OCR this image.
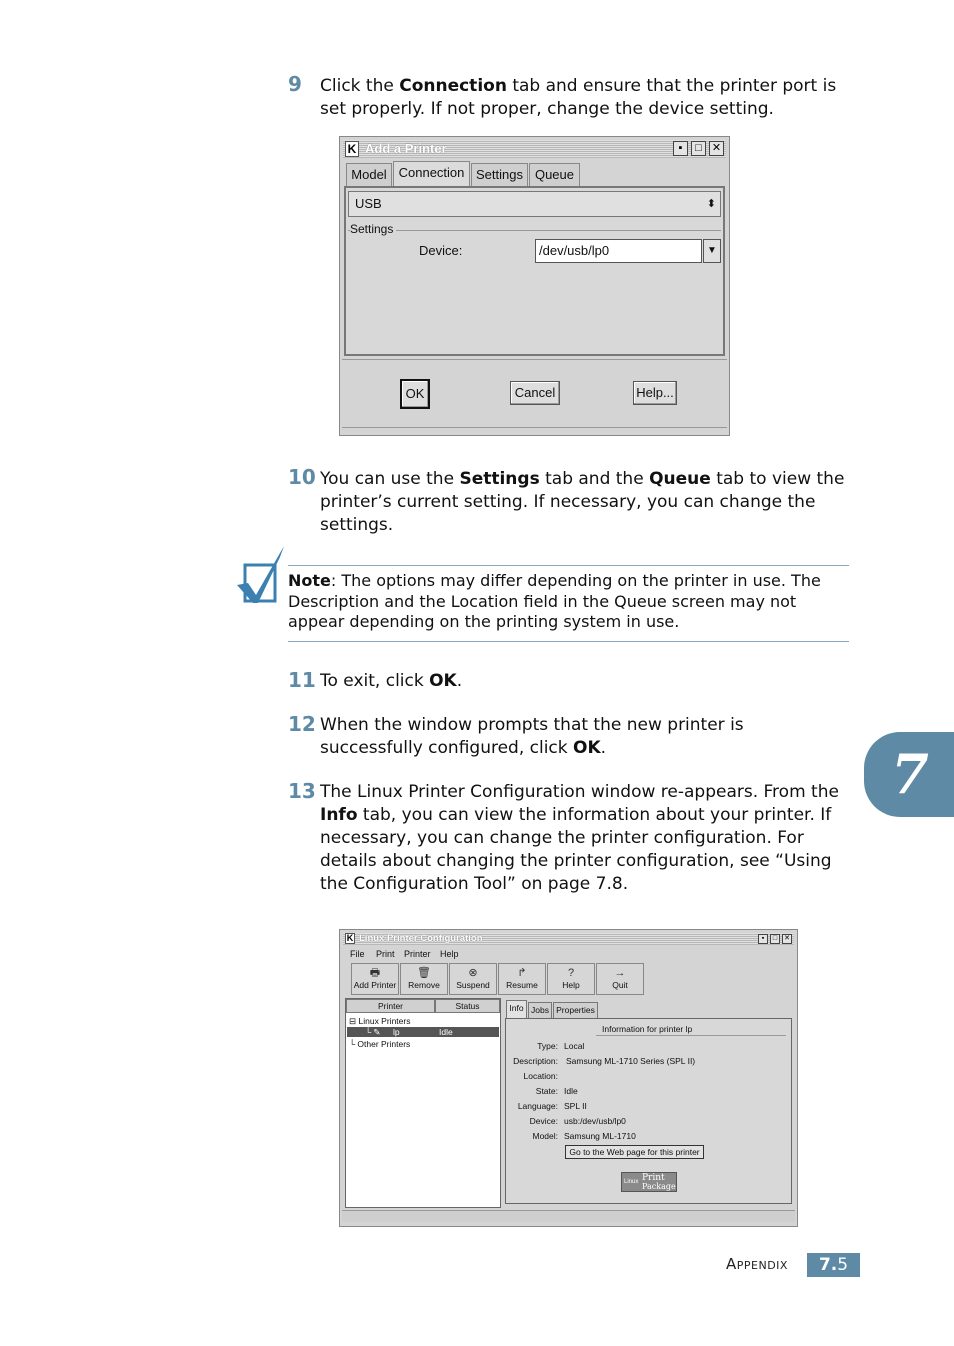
9 Click the Connection tab and ensure that the printer port is set properly. If not proper, change the device setting.
K Add a Printer	▪	□ ✕
Model Connection Settings Queue
USB	⬍
Settings
Device:	/dev/usb/lp0	▼
OK	Cancel	Help...
10 You can use the Settings tab and the Queue tab to view the printer’s current setting. If necessary, you can change the settings.
Note: The options may differ depending on the printer in use. The Description and the Location field in the Queue screen may not appear depending on the printing system in use.
11 To exit, click OK.
12 When the window prompts that the new printer is successfully configured, click OK.	7
13 The Linux Printer Configuration window re-appears. From the Info tab, you can view the information about your printer. If necessary, you can change the printer configuration. For details about changing the printer configuration, see “Using the Configuration Tool” on page 7.8.
K Linux Printer Configuration	▪	□ ✕
File Print Printer Help
🖶
Add Printer
🗑
Remove
⊗
Suspend
↱
Resume
?
Help
→
Quit
Printer	Status
⊟ Linux Printers
└ ✎ lp	Idle
└ Other Printers
Info Jobs Properties
Information for printer lp
Type: Local
Description: Samsung ML-1710 Series (SPL II)
Location:
State: Idle
Language: SPL II
Device: usb:/dev/usb/lp0
Model: Samsung ML-1710
Go to the Web page for this printer
Linux Print
Package
Appendix	7.5
